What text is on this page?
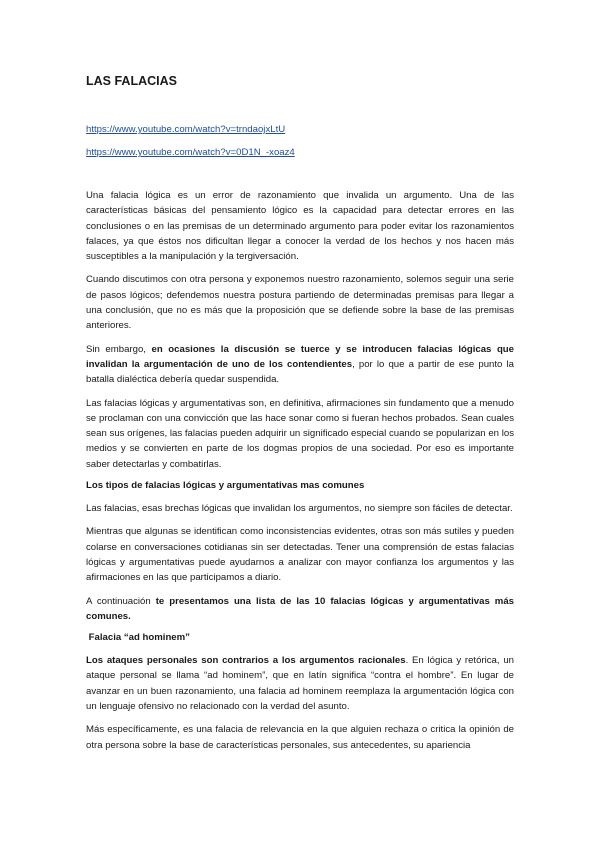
LAS FALACIAS
https://www.youtube.com/watch?v=trndaojxLtU
https://www.youtube.com/watch?v=0D1N_-xoaz4

Una falacia lógica es un error de razonamiento que invalida un argumento. Una de las características básicas del pensamiento lógico es la capacidad para detectar errores en las conclusiones o en las premisas de un determinado argumento para poder evitar los razonamientos falaces, ya que éstos nos dificultan llegar a conocer la verdad de los hechos y nos hacen más susceptibles a la manipulación y la tergiversación.

Cuando discutimos con otra persona y exponemos nuestro razonamiento, solemos seguir una serie de pasos lógicos; defendemos nuestra postura partiendo de determinadas premisas para llegar a una conclusión, que no es más que la proposición que se defiende sobre la base de las premisas anteriores.

Sin embargo, en ocasiones la discusión se tuerce y se introducen falacias lógicas que invalidan la argumentación de uno de los contendientes, por lo que a partir de ese punto la batalla dialéctica debería quedar suspendida.

Las falacias lógicas y argumentativas son, en definitiva, afirmaciones sin fundamento que a menudo se proclaman con una convicción que las hace sonar como si fueran hechos probados. Sean cuales sean sus orígenes, las falacias pueden adquirir un significado especial cuando se popularizan en los medios y se convierten en parte de los dogmas propios de una sociedad. Por eso es importante saber detectarlas y combatirlas.

Los tipos de falacias lógicas y argumentativas mas comunes

Las falacias, esas brechas lógicas que invalidan los argumentos, no siempre son fáciles de detectar.

Mientras que algunas se identifican como inconsistencias evidentes, otras son más sutiles y pueden colarse en conversaciones cotidianas sin ser detectadas. Tener una comprensión de estas falacias lógicas y argumentativas puede ayudarnos a analizar con mayor confianza los argumentos y las afirmaciones en las que participamos a diario.

A continuación te presentamos una lista de las 10 falacias lógicas y argumentativas más comunes.

Falacia “ad hominem”

Los ataques personales son contrarios a los argumentos racionales. En lógica y retórica, un ataque personal se llama “ad hominem”, que en latín significa “contra el hombre”. En lugar de avanzar en un buen razonamiento, una falacia ad hominem reemplaza la argumentación lógica con un lenguaje ofensivo no relacionado con la verdad del asunto.

Más específicamente, es una falacia de relevancia en la que alguien rechaza o critica la opinión de otra persona sobre la base de características personales, sus antecedentes, su apariencia
